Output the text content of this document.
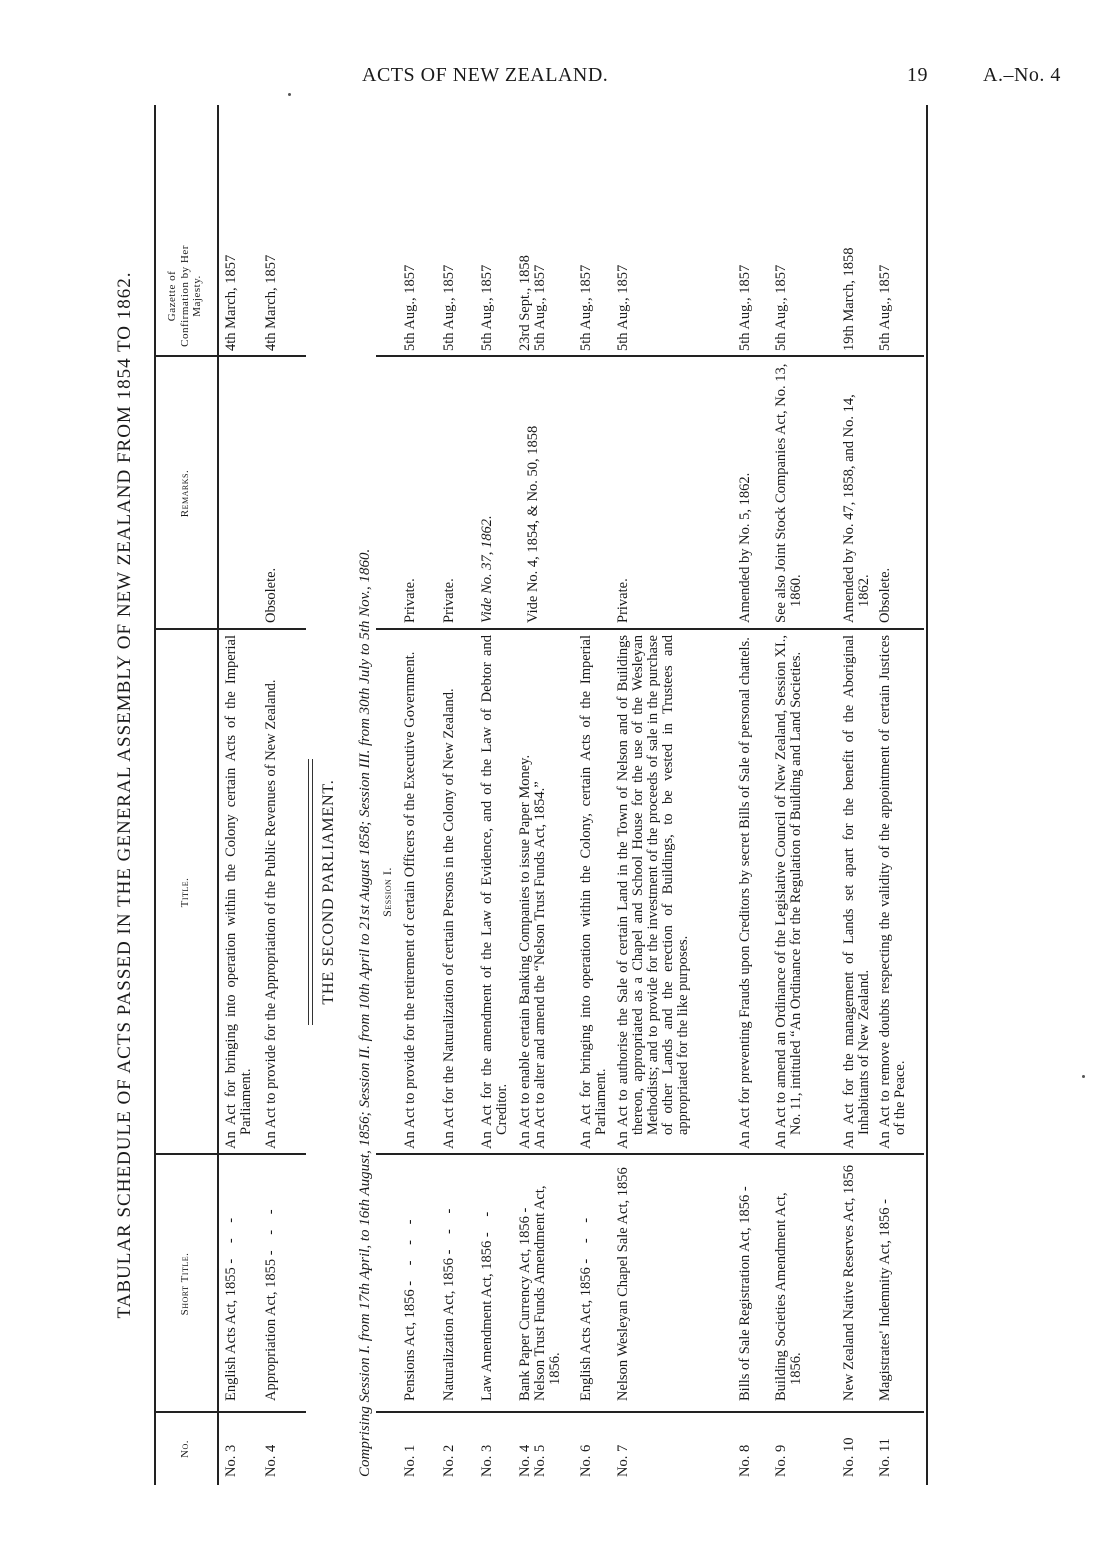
ACTS OF NEW ZEALAND.	19	A.–No. 4
TABULAR SCHEDULE OF ACTS PASSED IN THE GENERAL ASSEMBLY OF NEW ZEALAND FROM 1854 TO 1862.
No.
Short Title.
Title.
Remarks.
Gazette of Confirmation by Her Majesty.
No. 3
English Acts Act, 1855 - - -
An Act for bringing into operation within the Colony certain Acts of the Imperial Parliament.
4th March, 1857
No. 4
Appropriation Act, 1855 - - -
An Act to provide for the Appropriation of the Public Revenues of New Zealand.
Obsolete.
4th March, 1857
THE SECOND PARLIAMENT. Comprising Session I. from 17th April, to 16th August, 1856; Session II. from 10th April to 21st August 1858; Session III. from 30th July to 5th Nov., 1860. Session I.
No. 1
Pensions Act, 1856 - - - -
An Act to provide for the retirement of certain Officers of the Executive Government.
Private.
5th Aug., 1857
No. 2
Naturalization Act, 1856 - - -
An Act for the Naturalization of certain Persons in the Colony of New Zealand.
Private.
5th Aug., 1857
No. 3
Law Amendment Act, 1856 - -
An Act for the amendment of the Law of Evidence, and of the Law of Debtor and Creditor.
Vide No. 37, 1862.
5th Aug., 1857
No. 4
Bank Paper Currency Act, 1856 -
An Act to enable certain Banking Companies to issue Paper Money.
Vide No. 4, 1854, & No. 50, 1858
23rd Sept., 1858
No. 5
Nelson Trust Funds Amendment Act, 1856.
An Act to alter and amend the “Nelson Trust Funds Act, 1854.”
5th Aug., 1857
No. 6
English Acts Act, 1856 - - -
An Act for bringing into operation within the Colony, certain Acts of the Imperial Parliament.
5th Aug., 1857
No. 7
Nelson Wesleyan Chapel Sale Act, 1856
An Act to authorise the Sale of certain Land in the Town of Nelson and of Buildings thereon, appropriated as a Chapel and School House for the use of the Wesleyan Methodists; and to provide for the investment of the proceeds of sale in the purchase of other Lands and the erection of Buildings, to be vested in Trustees and appropriated for the like purposes.
Private.
5th Aug., 1857
No. 8
Bills of Sale Registration Act, 1856 -
An Act for preventing Frauds upon Creditors by secret Bills of Sale of personal chattels.
Amended by No. 5, 1862.
5th Aug., 1857
No. 9
Building Societies Amendment Act, 1856.
An Act to amend an Ordinance of the Legislative Council of New Zealand, Session XI., No. 11, intituled “An Ordinance for the Regulation of Building and Land Societies.
See also Joint Stock Companies Act, No. 13, 1860.
5th Aug., 1857
No. 10
New Zealand Native Reserves Act, 1856
An Act for the management of Lands set apart for the benefit of the Aboriginal Inhabitants of New Zealand.
Amended by No. 47, 1858, and No. 14, 1862.
19th March, 1858
No. 11
Magistrates' Indemnity Act, 1856 -
An Act to remove doubts respecting the validity of the appointment of certain Justices of the Peace.
Obsolete.
5th Aug., 1857
